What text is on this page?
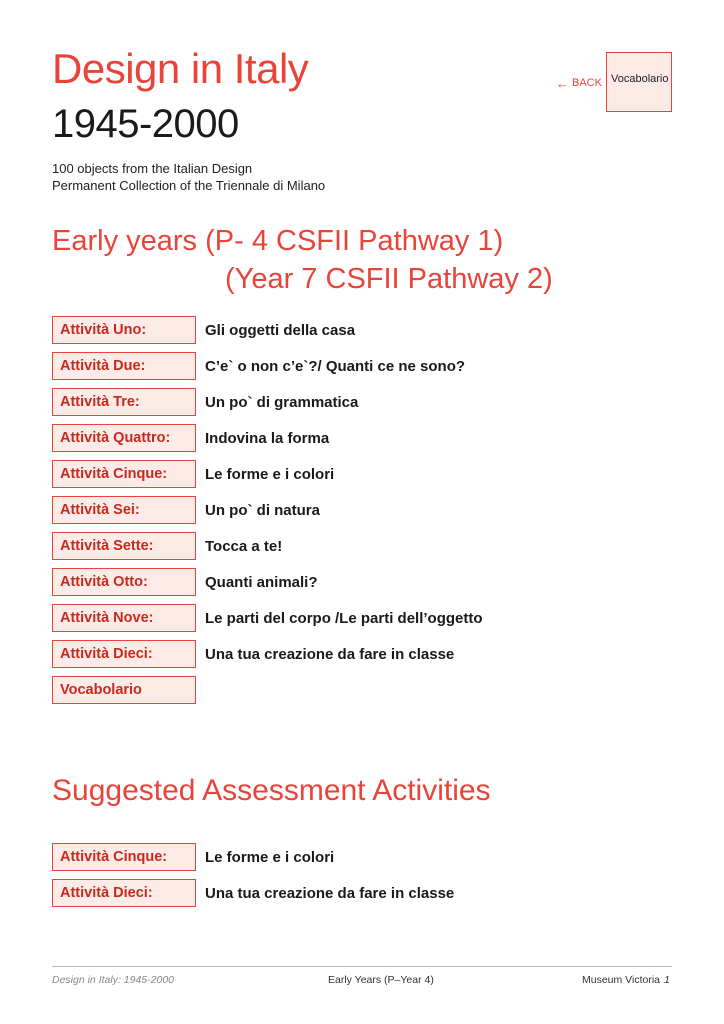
Design in Italy
1945-2000
100 objects from the Italian Design
Permanent Collection of the Triennale di Milano
← BACK Vocabolario
Early years (P- 4 CSFII Pathway 1)
(Year 7 CSFII Pathway 2)
Attività Uno:	Gli oggetti della casa
Attività Due:	C’e` o non c’e`?/ Quanti ce ne sono?
Attività Tre:	Un po` di grammatica
Attività Quattro:	Indovina la forma
Attività Cinque:	Le forme e i colori
Attività Sei:	Un po` di natura
Attività Sette:	Tocca a te!
Attività Otto:	Quanti animali?
Attività Nove:	Le parti del corpo /Le parti dell’oggetto
Attività Dieci:	Una tua creazione da fare in classe
Vocabolario
Suggested Assessment Activities
Attività Cinque:	Le forme e i colori
Attività Dieci:	Una tua creazione da fare in classe
Design in Italy: 1945-2000	Early Years (P–Year 4)	Museum Victoria 1
